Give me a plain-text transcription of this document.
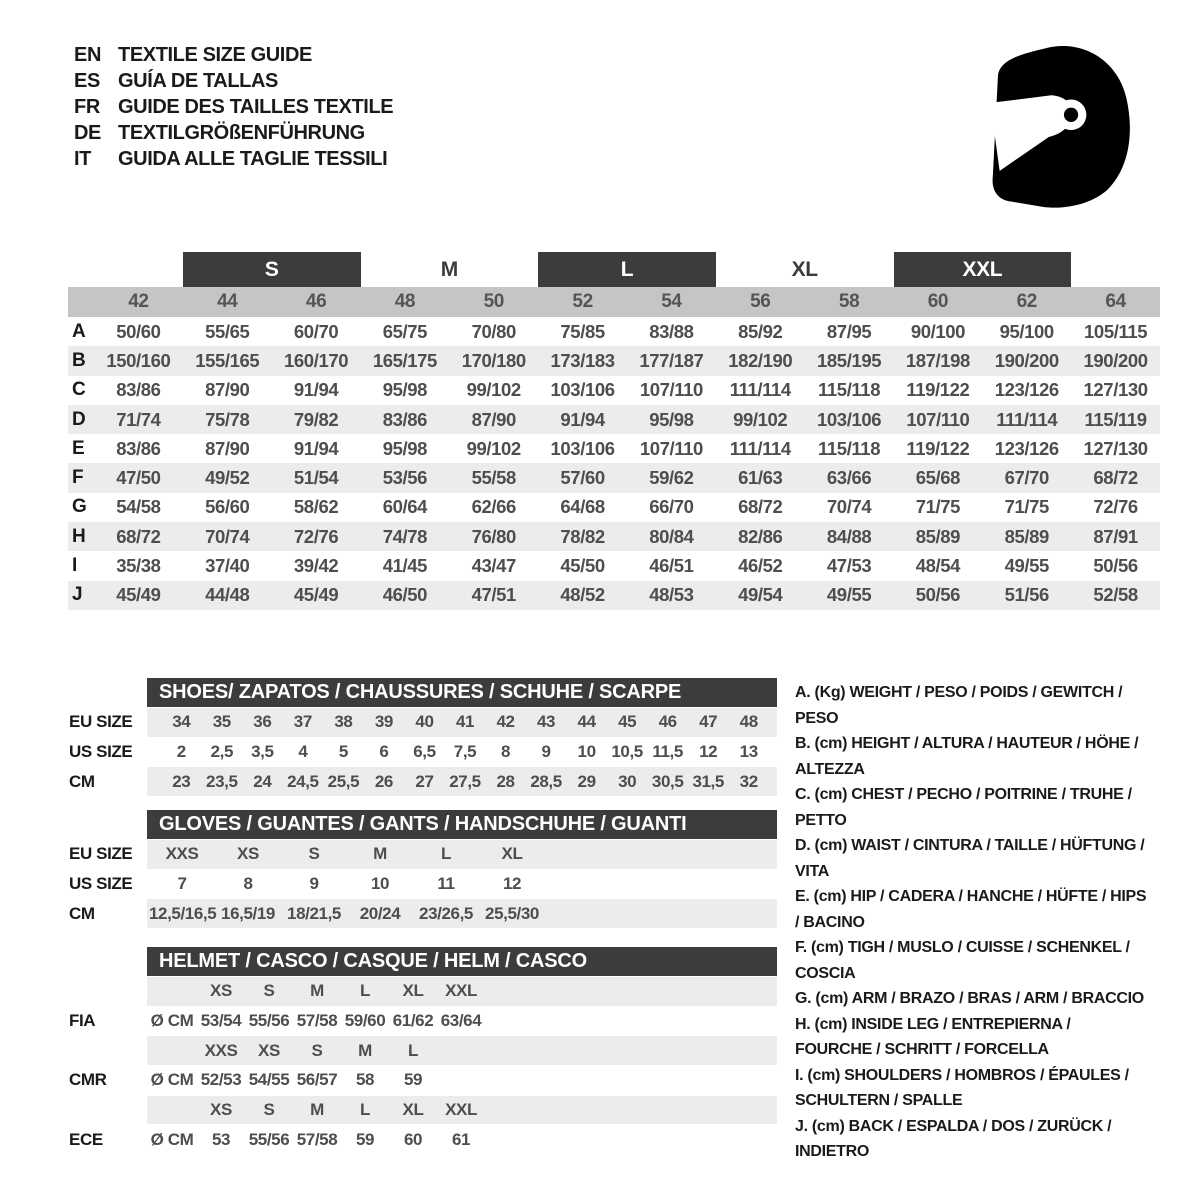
EN TEXTILE SIZE GUIDE
ES GUÍA DE TALLAS
FR GUIDE DES TAILLES TEXTILE
DE TEXTILGRÖßENFÜHRUNG
IT	GUIDA ALLE TAGLIE TESSILI
S	M	L	XL	XXL
42	44	46	48	50	52	54	56	58	60	62	64
A	50/60	55/65	60/70	65/75	70/80	75/85	83/88	85/92	87/95	90/100	95/100	105/115
B	150/160	155/165	160/170	165/175	170/180	173/183	177/187	182/190	185/195	187/198	190/200	190/200
C	83/86	87/90	91/94	95/98	99/102	103/106	107/110	111/114	115/118	119/122	123/126	127/130
D	71/74	75/78	79/82	83/86	87/90	91/94	95/98	99/102	103/106	107/110	111/114	115/119
E	83/86	87/90	91/94	95/98	99/102	103/106	107/110	111/114	115/118	119/122	123/126	127/130
F	47/50	49/52	51/54	53/56	55/58	57/60	59/62	61/63	63/66	65/68	67/70	68/72
G	54/58	56/60	58/62	60/64	62/66	64/68	66/70	68/72	70/74	71/75	71/75	72/76
H	68/72	70/74	72/76	74/78	76/80	78/82	80/84	82/86	84/88	85/89	85/89	87/91
I	35/38	37/40	39/42	41/45	43/47	45/50	46/51	46/52	47/53	48/54	49/55	50/56
J	45/49	44/48	45/49	46/50	47/51	48/52	48/53	49/54	49/55	50/56	51/56	52/58
SHOES/ ZAPATOS / CHAUSSURES / SCHUHE / SCARPE
EU SIZE	34	35	36	37	38	39	40	41	42	43	44	45	46	47	48
US SIZE	2	2,5	3,5	4	5	6	6,5	7,5	8	9	10 10,5 11,5 12	13
CM	23 23,5 24 24,5 25,5 26	27 27,5 28 28,5 29	30 30,5 31,5 32
GLOVES / GUANTES / GANTS / HANDSCHUHE / GUANTI
EU SIZE	XXS	XS	S	M	L	XL
US SIZE	7	8	9	10	11	12
CM	12,5/16,5 16,5/19 18/21,5	20/24	23/26,5 25,5/30
HELMET / CASCO / CASQUE / HELM / CASCO
XS	S	M	L	XL	XXL
FIA	Ø CM 53/54 55/56 57/58 59/60 61/62 63/64
XXS	XS	S	M	L
CMR	Ø CM 52/53 54/55 56/57	58	59
XS	S	M	L	XL	XXL
ECE	Ø CM	53	55/56 57/58	59	60	61
A. (Kg) WEIGHT / PESO / POIDS / GEWITCH / PESO
B. (cm) HEIGHT / ALTURA / HAUTEUR / HÖHE / ALTEZZA
C. (cm) CHEST / PECHO / POITRINE / TRUHE / PETTO
D. (cm) WAIST / CINTURA / TAILLE / HÜFTUNG / VITA
E. (cm) HIP / CADERA / HANCHE / HÜFTE / HIPS / BACINO
F. (cm) TIGH / MUSLO / CUISSE / SCHENKEL / COSCIA
G. (cm) ARM / BRAZO / BRAS / ARM / BRACCIO
H. (cm) INSIDE LEG / ENTREPIERNA / FOURCHE / SCHRITT / FORCELLA
I. (cm) SHOULDERS / HOMBROS / ÉPAULES / SCHULTERN / SPALLE
J. (cm) BACK / ESPALDA / DOS / ZURÜCK / INDIETRO
